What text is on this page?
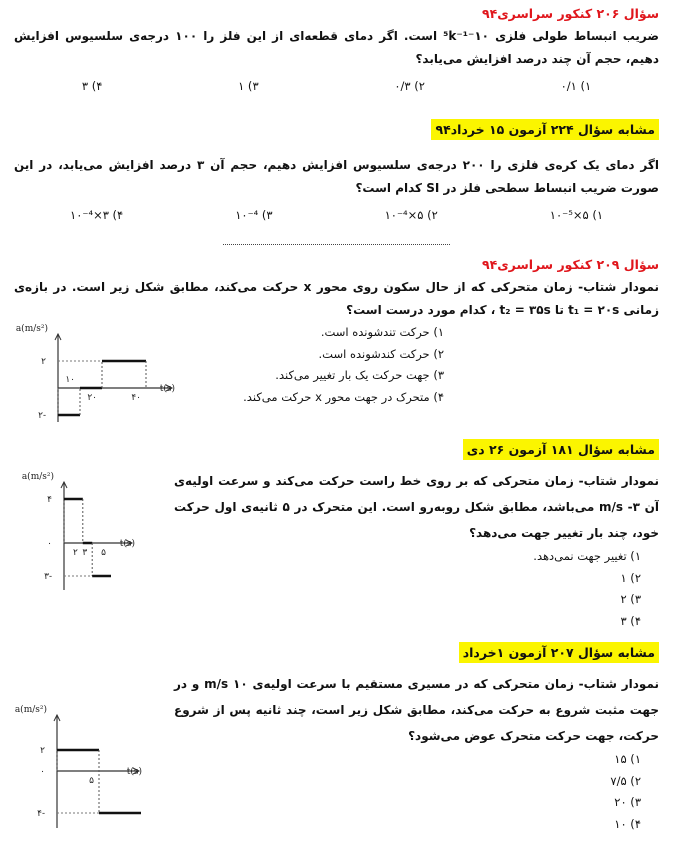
سؤال ۲۰۶ کنکور سراسری۹۴
ضریب انبساط طولی فلزی ۱۰⁻⁵k⁻¹ است. اگر دمای قطعه‌ای از این فلز را ۱۰۰ درجه‌ی سلسیوس افزایش دهیم، حجم آن چند درصد افزایش می‌یابد؟
۱) ۰/۱
۲) ۰/۳
۳) ۱
۴) ۳
مشابه سؤال ۲۲۴ آزمون ۱۵ خرداد۹۴
اگر دمای یک کره‌ی فلزی را ۲۰۰ درجه‌ی سلسیوس افزایش دهیم، حجم آن ۳ درصد افزایش می‌یابد، در این صورت ضریب انبساط سطحی فلز در SI کدام است؟
۱) ۵×۱۰⁻⁵
۲) ۵×۱۰⁻⁴
۳) ۱۰⁻⁴
۴) ۳×۱۰⁻⁴
سؤال ۲۰۹ کنکور سراسری۹۴
نمودار شتاب- زمان متحرکی که از حال سکون روی محور x حرکت می‌کند، مطابق شکل زیر است. در بازه‌ی زمانی t₁ = ۲۰s تا t₂ = ۳۵s ، کدام مورد درست است؟
a(m/s²)
t(s)
۱۰
۲۰	۴۰
۲
-۲
۱) حرکت تندشونده است.
۲) حرکت کندشونده است.
۳) جهت حرکت یک بار تغییر می‌کند.
۴) متحرک در جهت محور x حرکت می‌کند.
مشابه سؤال ۱۸۱ آزمون ۲۶ دی
a(m/s²)
t(s)
۲ ۳ ۵
۴
۰
-۳
نمودار شتاب- زمان متحرکی که بر روی خط راست حرکت می‌کند و سرعت اولیه‌ی آن ۳- m/s می‌باشد، مطابق شکل روبه‌رو است. این متحرک در ۵ ثانیه‌ی اول حرکت خود، چند بار تغییر جهت می‌دهد؟
۱) تغییر جهت نمی‌دهد.
۲) ۱
۳) ۲
۴) ۳
مشابه سؤال ۲۰۷ آزمون ۱خرداد
a(m/s²)
t(s)
۵
۲
۰
-۴
نمودار شتاب- زمان متحرکی که در مسیری مستقیم با سرعت اولیه‌ی ۱۰ m/s و در جهت مثبت شروع به حرکت می‌کند، مطابق شکل زیر است، چند ثانیه پس از شروع حرکت، جهت حرکت متحرک عوض می‌شود؟
۱) ۱۵
۲) ۷/۵
۳) ۲۰
۴) ۱۰
